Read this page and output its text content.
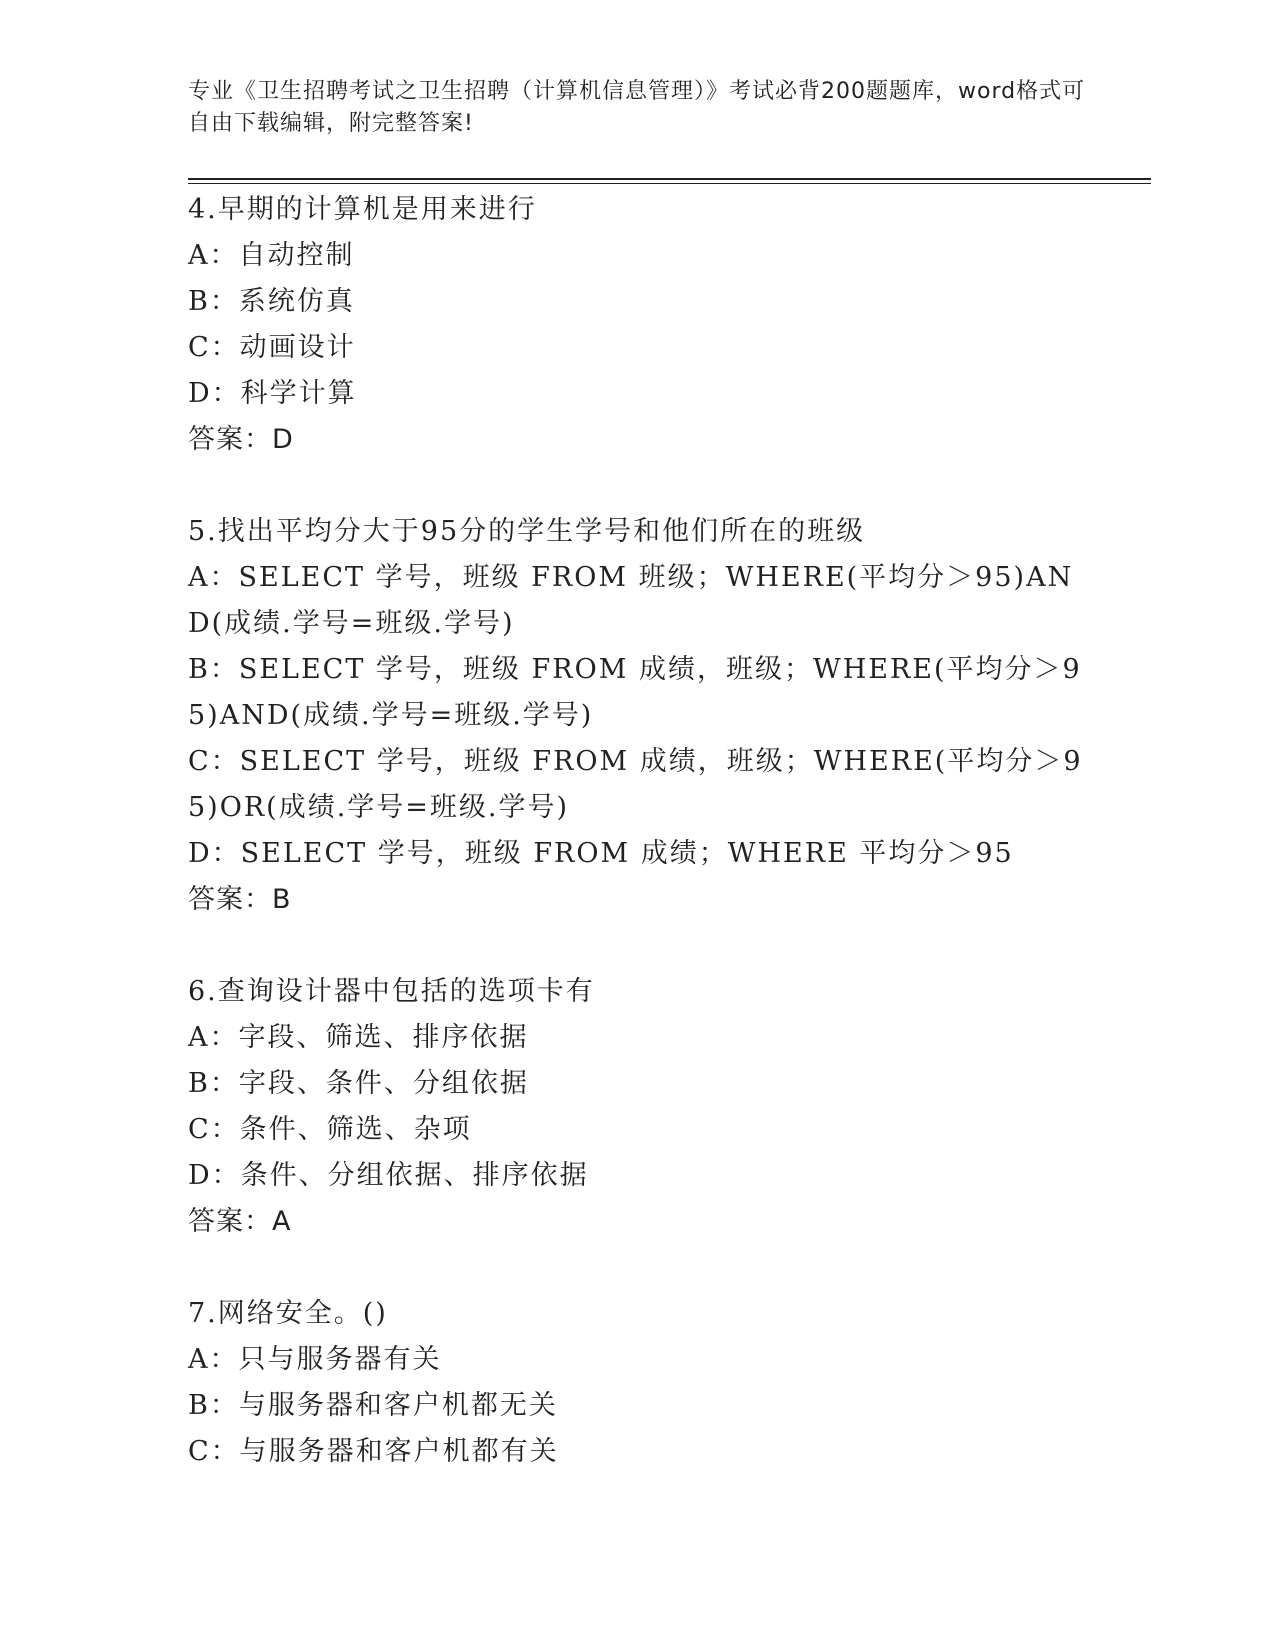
专业《卫生招聘考试之卫生招聘（计算机信息管理）》考试必背200题题库，word格式可自由下载编辑，附完整答案!
4.早期的计算机是用来进行
A：自动控制
B：系统仿真
C：动画设计
D：科学计算
答案：D
5.找出平均分大于95分的学生学号和他们所在的班级
A：SELECT 学号，班级 FROM 班级；WHERE(平均分＞95)AND(成绩.学号=班级.学号)
B：SELECT 学号，班级 FROM 成绩，班级；WHERE(平均分＞95)AND(成绩.学号=班级.学号)
C：SELECT 学号，班级 FROM 成绩，班级；WHERE(平均分＞95)OR(成绩.学号=班级.学号)
D：SELECT 学号，班级 FROM 成绩；WHERE 平均分＞95
答案：B
6.查询设计器中包括的选项卡有
A：字段、筛选、排序依据
B：字段、条件、分组依据
C：条件、筛选、杂项
D：条件、分组依据、排序依据
答案：A
7.网络安全。()
A：只与服务器有关
B：与服务器和客户机都无关
C：与服务器和客户机都有关
